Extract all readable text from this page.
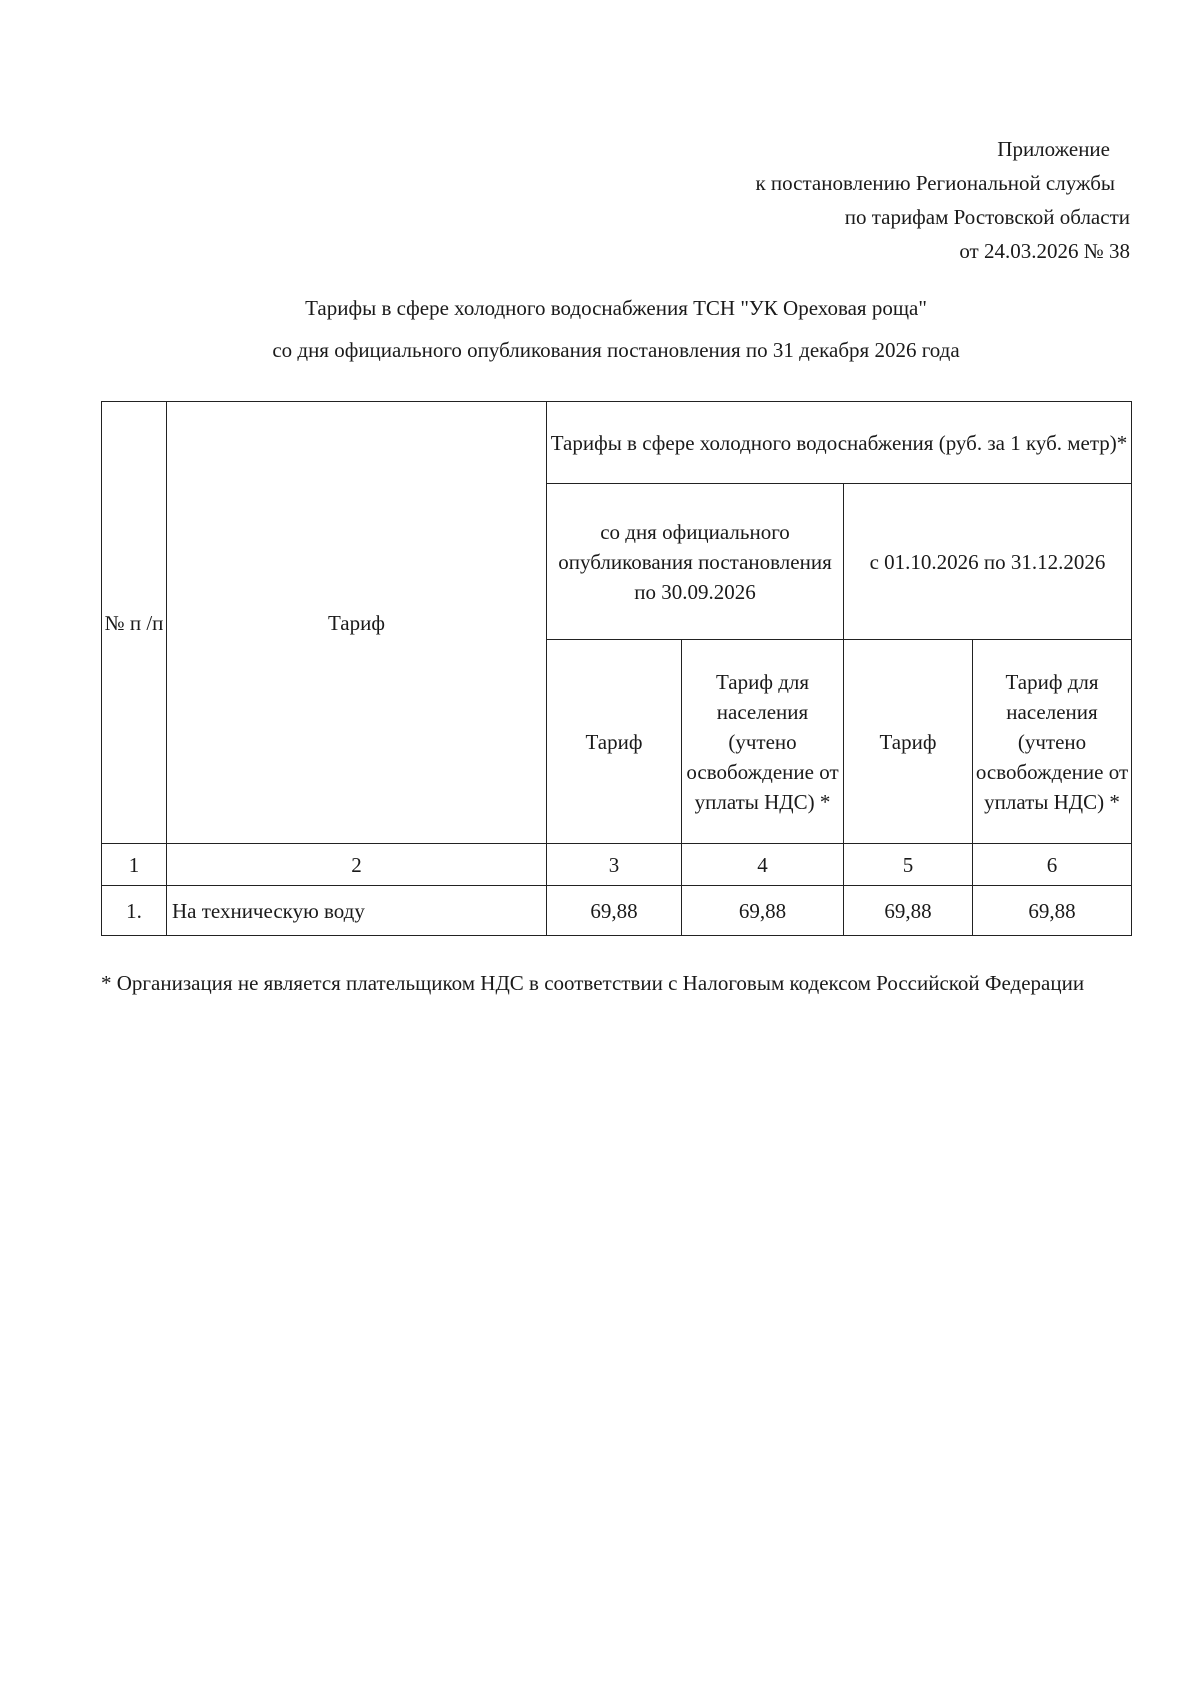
Приложение
к постановлению Региональной службы
по тарифам Ростовской области
от 24.03.2026 № 38
Тарифы в сфере холодного водоснабжения ТСН "УК Ореховая роща"
со дня официального опубликования постановления по 31 декабря 2026 года
№ п /п	Тариф	Тарифы в сфере холодного водоснабжения (руб. за 1 куб. метр)*			
		со дня официального опубликования постановления по 30.09.2026		с 01.10.2026 по 31.12.2026	
		Тариф	Тариф для населения (учтено освобождение от уплаты НДС) *	Тариф	Тариф для населения (учтено освобождение от уплаты НДС) *
1	2	3	4	5	6
1.	На техническую воду	69,88	69,88	69,88	69,88
* Организация не является плательщиком НДС в соответствии с Налоговым кодексом Российской Федерации
